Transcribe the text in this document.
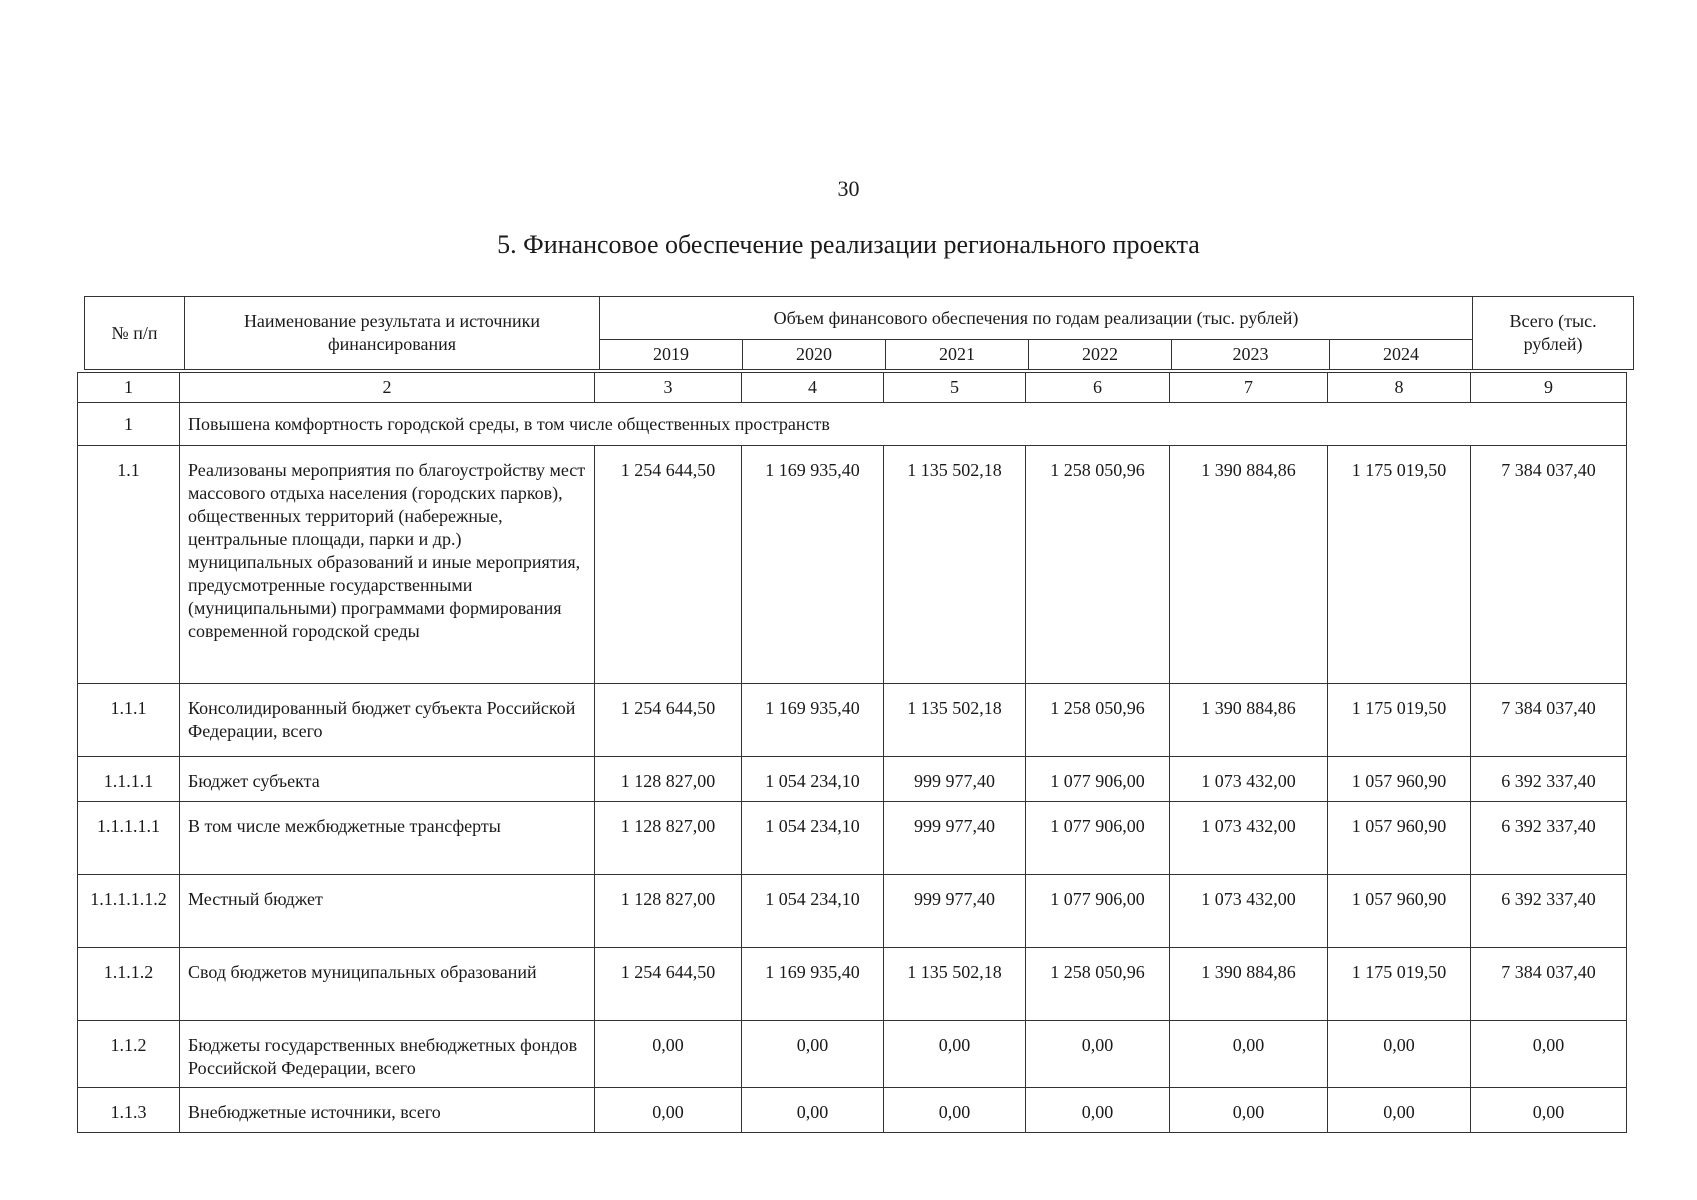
30
5. Финансовое обеспечение реализации регионального проекта
№ п/п	Наименование результата и источники финансирования	Объем финансового обеспечения по годам реализации (тыс. рублей)						Всего (тыс. рублей)
		2019	2020	2021	2022	2023	2024	
1	2	3	4	5	6	7	8	9
1	Повышена комфортность городской среды, в том числе общественных пространств							
1.1	Реализованы мероприятия по благоустройству мест массового отдыха населения (городских парков), общественных территорий (набережные, центральные площади, парки и др.) муниципальных образований и иные мероприятия, предусмотренные государственными (муниципальными) программами формирования современной городской среды	1 254 644,50	1 169 935,40	1 135 502,18	1 258 050,96	1 390 884,86	1 175 019,50	7 384 037,40
1.1.1	Консолидированный бюджет субъекта Российской Федерации, всего	1 254 644,50	1 169 935,40	1 135 502,18	1 258 050,96	1 390 884,86	1 175 019,50	7 384 037,40
1.1.1.1	Бюджет субъекта	1 128 827,00	1 054 234,10	999 977,40	1 077 906,00	1 073 432,00	1 057 960,90	6 392 337,40
1.1.1.1.1	В том числе межбюджетные трансферты	1 128 827,00	1 054 234,10	999 977,40	1 077 906,00	1 073 432,00	1 057 960,90	6 392 337,40
1.1.1.1.1.2	Местный бюджет	1 128 827,00	1 054 234,10	999 977,40	1 077 906,00	1 073 432,00	1 057 960,90	6 392 337,40
1.1.1.2	Свод бюджетов муниципальных образований	1 254 644,50	1 169 935,40	1 135 502,18	1 258 050,96	1 390 884,86	1 175 019,50	7 384 037,40
1.1.2	Бюджеты государственных внебюджетных фондов Российской Федерации, всего	0,00	0,00	0,00	0,00	0,00	0,00	0,00
1.1.3	Внебюджетные источники, всего	0,00	0,00	0,00	0,00	0,00	0,00	0,00
